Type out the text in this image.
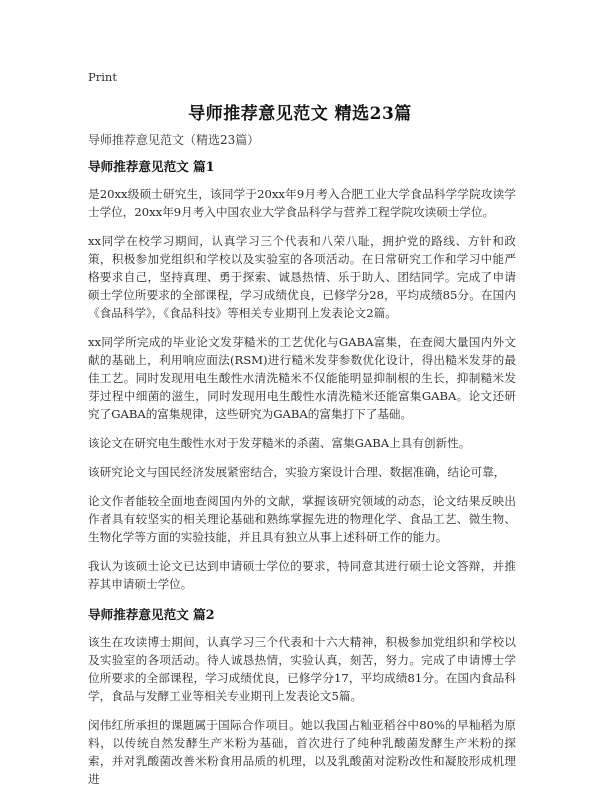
Print
导师推荐意见范文 精选23篇
导师推荐意见范文（精选23篇）
导师推荐意见范文 篇1

是20xx级硕士研究生，该同学于20xx年9月考入合肥工业大学食品科学学院攻读学士学位，20xx年9月考入中国农业大学食品科学与营养工程学院攻读硕士学位。

xx同学在校学习期间，认真学习三个代表和八荣八耻，拥护党的路线、方针和政策，积极参加党组织和学校以及实验室的各项活动。在日常研究工作和学习中能严格要求自己，坚持真理、勇于探索、诚恳热情、乐于助人、团结同学。完成了申请硕士学位所要求的全部课程，学习成绩优良，已修学分28，平均成绩85分。在国内《食品科学》，《食品科技》等相关专业期刊上发表论文2篇。

xx同学所完成的毕业论文发芽糙米的工艺优化与GABA富集，在查阅大量国内外文献的基础上，利用响应面法(RSM)进行糙米发芽参数优化设计，得出糙米发芽的最佳工艺。同时发现用电生酸性水清洗糙米不仅能能明显抑制根的生长，抑制糙米发芽过程中细菌的滋生，同时发现用电生酸性水清洗糙米还能富集GABA。论文还研究了GABA的富集规律，这些研究为GABA的富集打下了基础。

该论文在研究电生酸性水对于发芽糙米的杀菌、富集GABA上具有创新性。

该研究论文与国民经济发展紧密结合，实验方案设计合理、数据准确，结论可靠，

论文作者能较全面地查阅国内外的文献，掌握该研究领域的动态，论文结果反映出作者具有较坚实的相关理论基础和熟练掌握先进的物理化学、食品工艺、微生物、生物化学等方面的实验技能，并且具有独立从事上述科研工作的能力。

我认为该硕士论文已达到申请硕士学位的要求，特同意其进行硕士论文答辩，并推荐其申请硕士学位。

导师推荐意见范文 篇2

该生在攻读博士期间，认真学习三个代表和十六大精神，积极参加党组织和学校以及实验室的各项活动。待人诚恳热情，实验认真，刻苦，努力。完成了申请博士学位所要求的全部课程，学习成绩优良，已修学分17，平均成绩81分。在国内食品科学，食品与发酵工业等相关专业期刊上发表论文5篇。

闵伟红所承担的课题属于国际合作项目。她以我国占籼亚稻谷中80%的早籼稻为原料，以传统自然发酵生产米粉为基础，首次进行了纯种乳酸菌发酵生产米粉的探索，并对乳酸菌改善米粉食用品质的机理，以及乳酸菌对淀粉改性和凝胶形成机理进
